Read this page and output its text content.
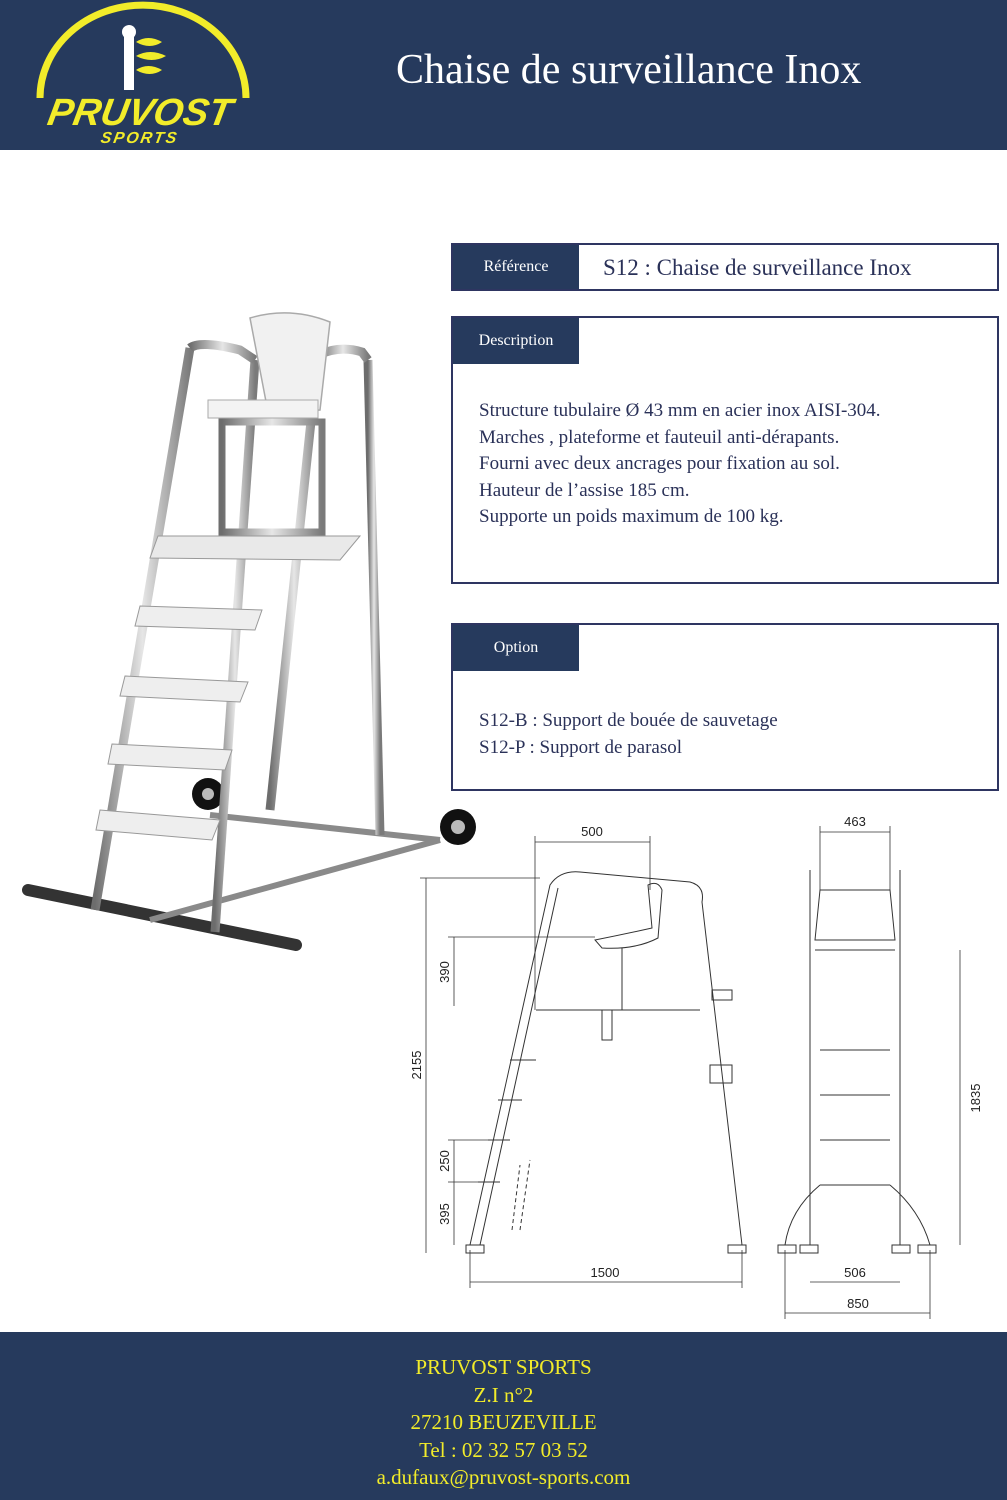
PRUVOST
SPORTS
Chaise de surveillance Inox
Référence	S12 : Chaise de surveillance Inox
Description
Structure tubulaire Ø 43 mm en acier inox AISI-304.
Marches , plateforme et fauteuil anti-dérapants.
Fourni avec deux ancrages pour fixation au sol.
Hauteur de l’assise 185 cm.
Supporte un poids maximum de 100 kg.
Option
S12-B : Support de bouée de sauvetage
S12-P : Support de parasol
500
390
2155
250
395
1500
463
1835
506
850
PRUVOST SPORTS
Z.I n°2
27210 BEUZEVILLE
Tel : 02 32 57 03 52
a.dufaux@pruvost-sports.com
